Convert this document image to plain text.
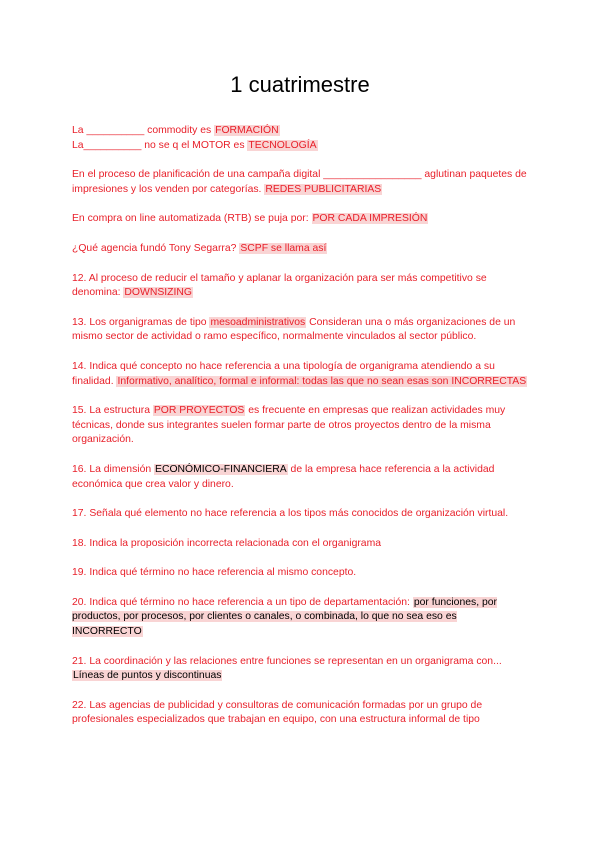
1 cuatrimestre
La __________ commodity es FORMACIÓN
La__________ no se q el MOTOR es TECNOLOGÍA
En el proceso de planificación de una campaña digital _________________ aglutinan paquetes de impresiones y los venden por categorías. REDES PUBLICITARIAS
En compra on line automatizada (RTB) se puja por: POR CADA IMPRESIÓN
¿Qué agencia fundó Tony Segarra? SCPF se llama así
12. Al proceso de reducir el tamaño y aplanar la organización para ser más competitivo se denomina: DOWNSIZING
13. Los organigramas de tipo mesoadministrativos Consideran una o más organizaciones de un mismo sector de actividad o ramo específico, normalmente vinculados al sector público.
14. Indica qué concepto no hace referencia a una tipología de organigrama atendiendo a su finalidad. Informativo, analítico, formal e informal: todas las que no sean esas son INCORRECTAS
15. La estructura POR PROYECTOS es frecuente en empresas que realizan actividades muy técnicas, donde sus integrantes suelen formar parte de otros proyectos dentro de la misma organización.
16. La dimensión ECONÓMICO-FINANCIERA de la empresa hace referencia a la actividad económica que crea valor y dinero.
17. Señala qué elemento no hace referencia a los tipos más conocidos de organización virtual.
18. Indica la proposición incorrecta relacionada con el organigrama
19. Indica qué término no hace referencia al mismo concepto.
20. Indica qué término no hace referencia a un tipo de departamentación: por funciones, por productos, por procesos, por clientes o canales, o combinada, lo que no sea eso es INCORRECTO
21. La coordinación y las relaciones entre funciones se representan en un organigrama con... Líneas de puntos y discontinuas
22. Las agencias de publicidad y consultoras de comunicación formadas por un grupo de profesionales especializados que trabajan en equipo, con una estructura informal de tipo
